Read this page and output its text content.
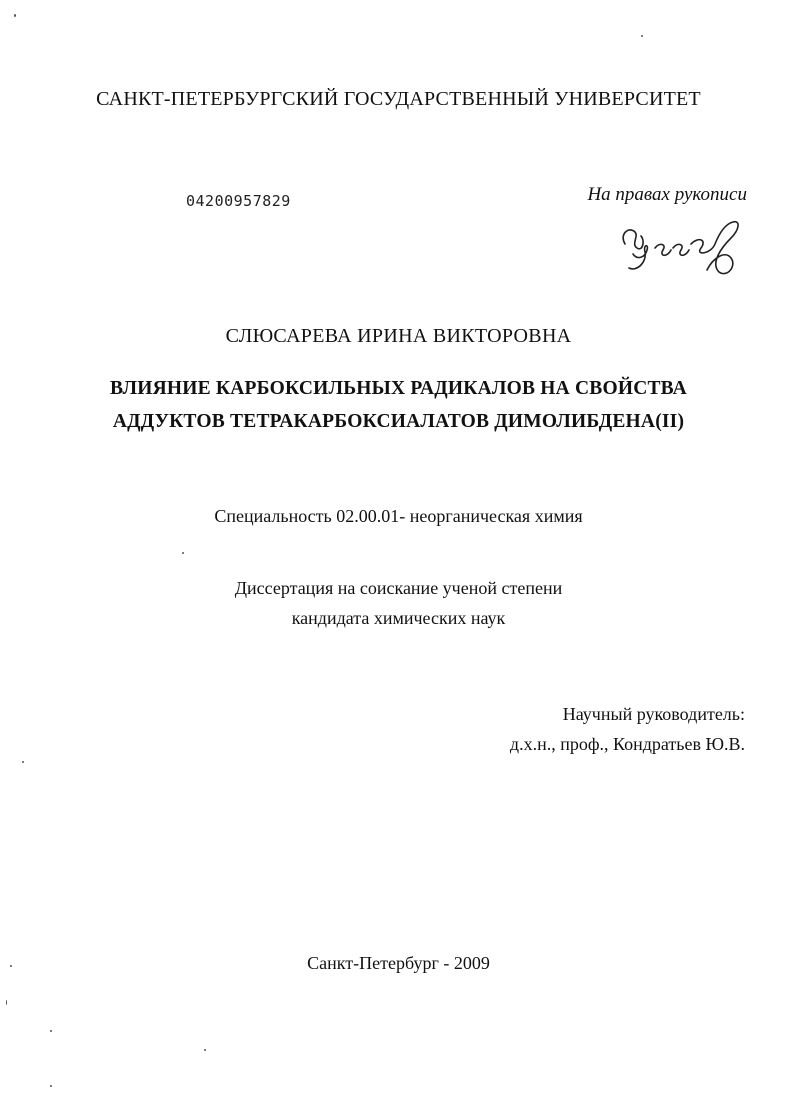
САНКТ-ПЕТЕРБУРГСКИЙ ГОСУДАРСТВЕННЫЙ УНИВЕРСИТЕТ
04200957829	На правах рукописи
СЛЮСАРЕВА ИРИНА ВИКТОРОВНА
ВЛИЯНИЕ КАРБОКСИЛЬНЫХ РАДИКАЛОВ НА СВОЙСТВА
АДДУКТОВ ТЕТРАКАРБОКСИАЛАТОВ ДИМОЛИБДЕНА(II)
Специальность 02.00.01- неорганическая химия
Диссертация на соискание ученой степени
кандидата химических наук
Научный руководитель:
д.х.н., проф., Кондратьев Ю.В.
Санкт-Петербург - 2009
